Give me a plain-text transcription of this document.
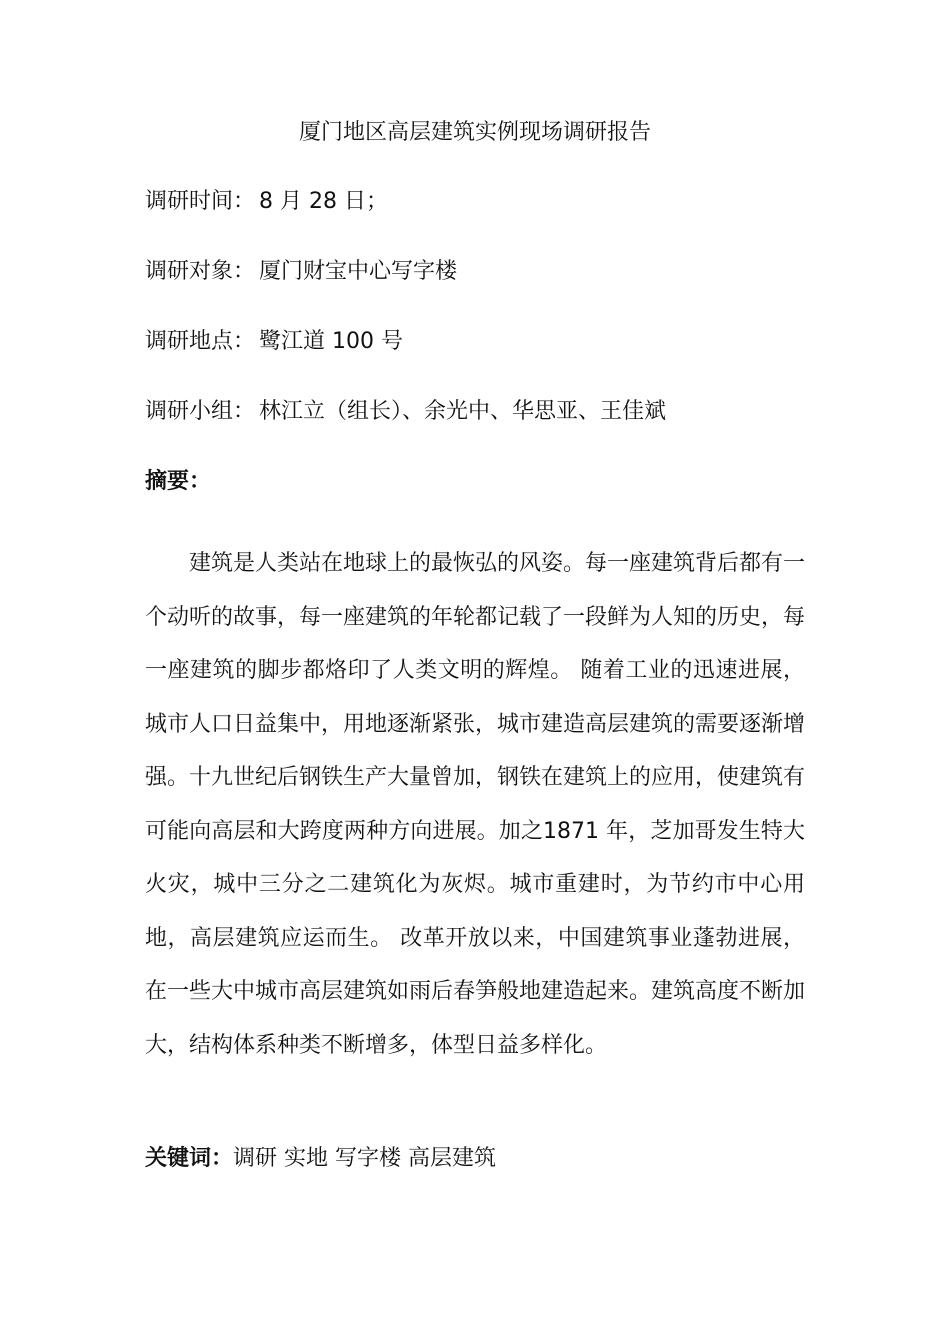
厦门地区高层建筑实例现场调研报告
调研时间： 8 月 28 日；
调研对象： 厦门财宝中心写字楼
调研地点： 鹭江道 100 号
调研小组： 林江立（组长）、余光中、华思亚、王佳斌
摘要：

建筑是人类站在地球上的最恢弘的风姿。每一座建筑背后都有一个动听的故事，每一座建筑的年轮都记载了一段鲜为人知的历史，每一座建筑的脚步都烙印了人类文明的辉煌。 随着工业的迅速进展，城市人口日益集中，用地逐渐紧张，城市建造高层建筑的需要逐渐增强。十九世纪后钢铁生产大量曾加，钢铁在建筑上的应用，使建筑有可能向高层和大跨度两种方向进展。加之1871 年，芝加哥发生特大火灾，城中三分之二建筑化为灰烬。城市重建时，为节约市中心用地，高层建筑应运而生。 改革开放以来，中国建筑事业蓬勃进展，在一些大中城市高层建筑如雨后春笋般地建造起来。建筑高度不断加大，结构体系种类不断增多，体型日益多样化。

关键词：调研 实地 写字楼 高层建筑
